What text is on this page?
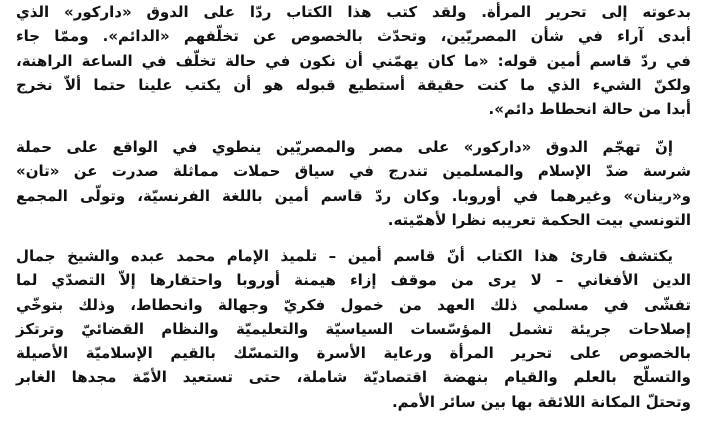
بدعوته إلى تحرير المرأة. ولقد كتب هذا الكتاب ردّا على الدوق «داركور» الذي
أبدى آراء في شأن المصريّين، وتحدّث بالخصوص عن تخلّفهم «الدائم». وممّا جاء
في ردّ قاسم أمين قوله: «ما كان يهمّني أن نكون في حالة تخلّف في الساعة الراهنة،
ولكنّ الشيء الذي ما كنت حقيقة أستطيع قبوله هو أن يكتب علينا حتما ألاّ نخرج
أبدا من حالة انحطاط دائم».
إنّ تهجّم الدوق «داركور» على مصر والمصريّين ينطوي في الواقع على حملة
شرسة ضدّ الإسلام والمسلمين تندرج في سياق حملات مماثلة صدرت عن «تان»
و«رينان» وغيرهما في أوروبا. وكان ردّ قاسم أمين باللغة الفرنسيّة، وتولّى المجمع
التونسي بيت الحكمة تعريبه نظرا لأهمّيته.
يكتشف قارئ هذا الكتاب أنّ قاسم أمين – تلميذ الإمام محمد عبده والشيخ جمال
الدين الأفغاني – لا يرى من موقف إزاء هيمنة أوروبا واحتقارها إلاّ التصدّي لما
تفشّى في مسلمي ذلك العهد من خمول فكريّ وجهالة وانحطاط، وذلك بتوخّي
إصلاحات جريئة تشمل المؤسّسات السياسيّة والتعليميّة والنظام القضائيّ وترتكز
بالخصوص على تحرير المرأة ورعاية الأسرة والتمسّك بالقيم الإسلاميّة الأصيلة
والتسلّح بالعلم والقيام بنهضة اقتصاديّة شاملة، حتى تستعيد الأمّة مجدها الغابر
وتحتلّ المكانة اللائقة بها بين سائر الأمم.
